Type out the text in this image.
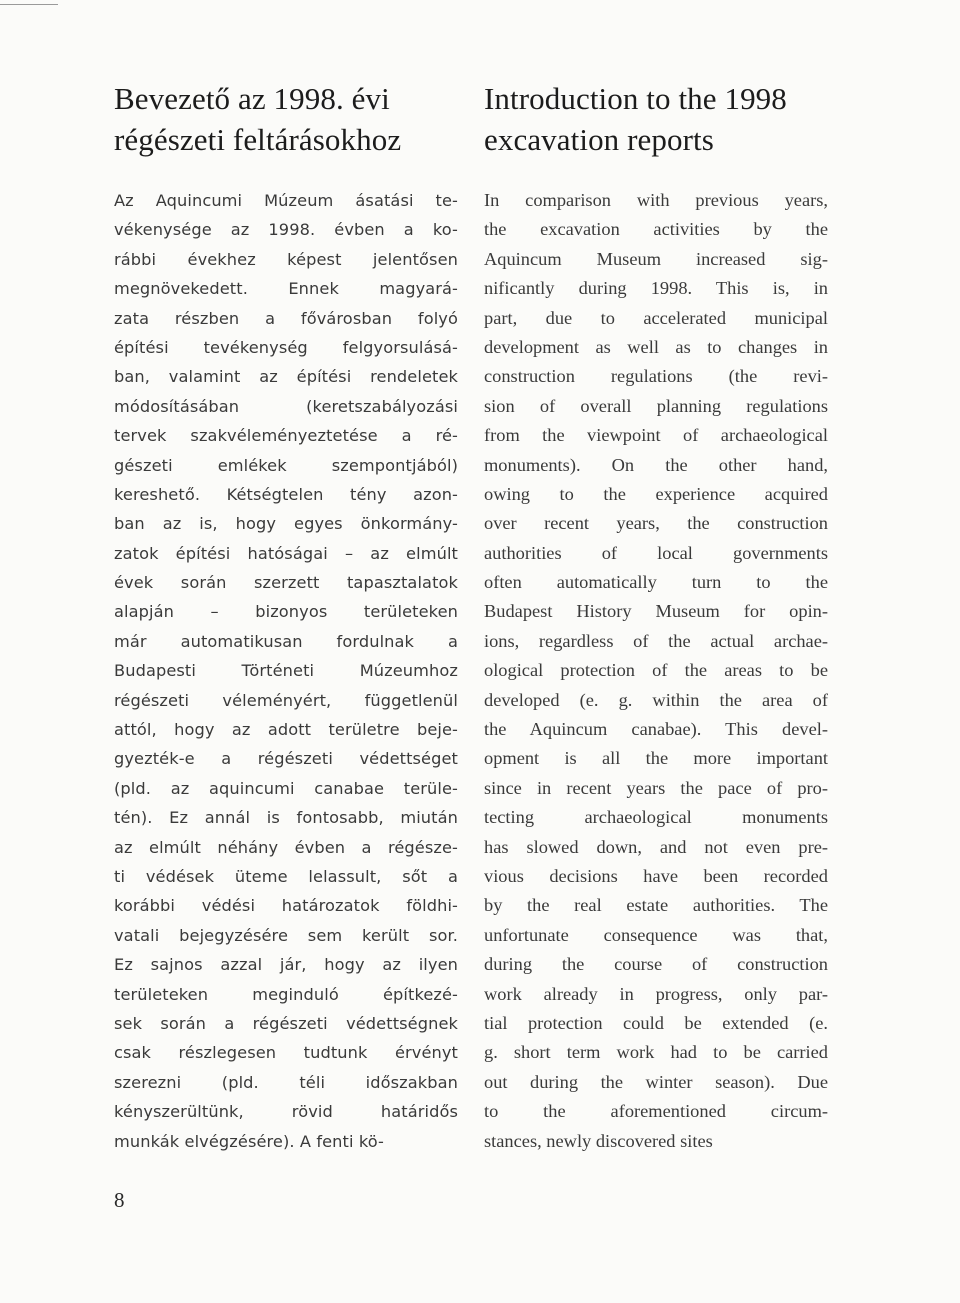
Bevezető az 1998. évi
régészeti feltárásokhoz
Az Aquincumi Múzeum ásatási te-
vékenysége az 1998. évben a ko-
rábbi évekhez képest jelentősen
megnövekedett. Ennek magyará-
zata részben a fővárosban folyó
építési tevékenység felgyorsulásá-
ban, valamint az építési rendeletek
módosításában (keretszabályozási
tervek szakvéleményeztetése a ré-
gészeti emlékek szempontjából)
kereshető. Kétségtelen tény azon-
ban az is, hogy egyes önkormány-
zatok építési hatóságai – az elmúlt
évek során szerzett tapasztalatok
alapján – bizonyos területeken
már automatikusan fordulnak a
Budapesti Történeti Múzeumhoz
régészeti véleményért, függetlenül
attól, hogy az adott területre beje-
gyezték-e a régészeti védettséget
(pld. az aquincumi canabae terüle-
tén). Ez annál is fontosabb, miután
az elmúlt néhány évben a régésze-
ti védések üteme lelassult, sőt a
korábbi védési határozatok földhi-
vatali bejegyzésére sem került sor.
Ez sajnos azzal jár, hogy az ilyen
területeken meginduló építkezé-
sek során a régészeti védettségnek
csak részlegesen tudtunk érvényt
szerezni (pld. téli időszakban
kényszerültünk, rövid határidős
munkák elvégzésére). A fenti kö-
Introduction to the 1998
excavation reports
In comparison with previous years,
the excavation activities by the
Aquincum Museum increased sig-
nificantly during 1998. This is, in
part, due to accelerated municipal
development as well as to changes in
construction regulations (the revi-
sion of overall planning regulations
from the viewpoint of archaeological
monuments). On the other hand,
owing to the experience acquired
over recent years, the construction
authorities of local governments
often automatically turn to the
Budapest History Museum for opin-
ions, regardless of the actual archae-
ological protection of the areas to be
developed (e. g. within the area of
the Aquincum canabae). This devel-
opment is all the more important
since in recent years the pace of pro-
tecting archaeological monuments
has slowed down, and not even pre-
vious decisions have been recorded
by the real estate authorities. The
unfortunate consequence was that,
during the course of construction
work already in progress, only par-
tial protection could be extended (e.
g. short term work had to be carried
out during the winter season). Due
to the aforementioned circum-
stances, newly discovered sites
8
